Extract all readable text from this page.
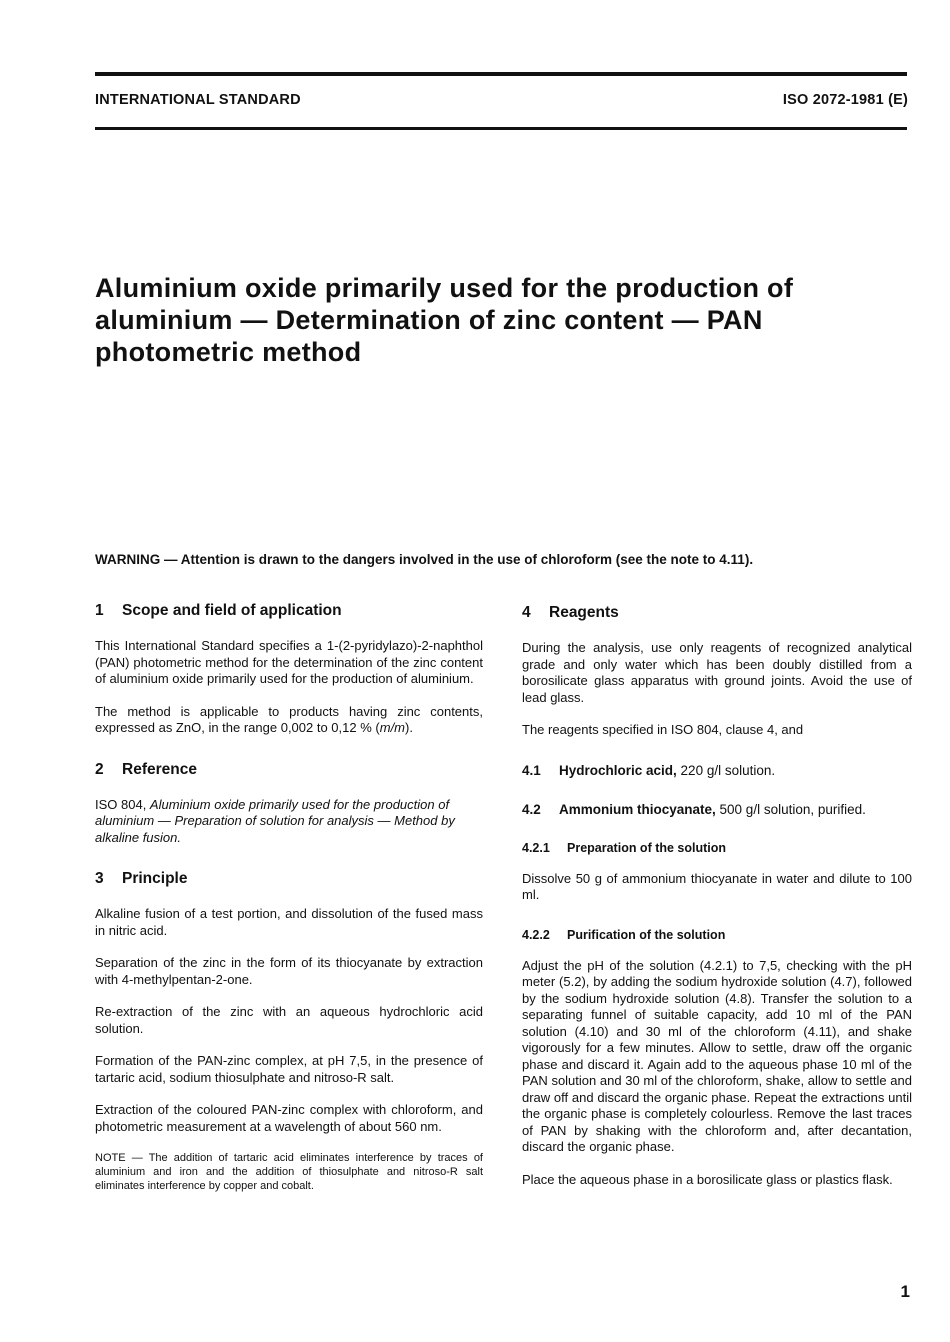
INTERNATIONAL STANDARD	ISO 2072-1981 (E)
Aluminium oxide primarily used for the production of
aluminium — Determination of zinc content — PAN
photometric method
WARNING — Attention is drawn to the dangers involved in the use of chloroform (see the note to 4.11).
1 Scope and field of application

This International Standard specifies a 1-(2-pyridylazo)-2-naphthol (PAN) photometric method for the determination of the zinc content of aluminium oxide primarily used for the production of aluminium.

The method is applicable to products having zinc contents, expressed as ZnO, in the range 0,002 to 0,12 % (m/m).

2 Reference

ISO 804, Aluminium oxide primarily used for the production of aluminium — Preparation of solution for analysis — Method by alkaline fusion.

3 Principle

Alkaline fusion of a test portion, and dissolution of the fused mass in nitric acid.

Separation of the zinc in the form of its thiocyanate by extraction with 4-methylpentan-2-one.

Re-extraction of the zinc with an aqueous hydrochloric acid solution.

Formation of the PAN-zinc complex, at pH 7,5, in the presence of tartaric acid, sodium thiosulphate and nitroso-R salt.

Extraction of the coloured PAN-zinc complex with chloroform, and photometric measurement at a wavelength of about 560 nm.

NOTE — The addition of tartaric acid eliminates interference by traces of aluminium and iron and the addition of thiosulphate and nitroso-R salt eliminates interference by copper and cobalt.

4 Reagents

During the analysis, use only reagents of recognized analytical grade and only water which has been doubly distilled from a borosilicate glass apparatus with ground joints. Avoid the use of lead glass.

The reagents specified in ISO 804, clause 4, and

4.1 Hydrochloric acid, 220 g/l solution.
4.2 Ammonium thiocyanate, 500 g/l solution, purified.
4.2.1 Preparation of the solution

Dissolve 50 g of ammonium thiocyanate in water and dilute to 100 ml.

4.2.2 Purification of the solution

Adjust the pH of the solution (4.2.1) to 7,5, checking with the pH meter (5.2), by adding the sodium hydroxide solution (4.7), followed by the sodium hydroxide solution (4.8). Transfer the solution to a separating funnel of suitable capacity, add 10 ml of the PAN solution (4.10) and 30 ml of the chloroform (4.11), and shake vigorously for a few minutes. Allow to settle, draw off the organic phase and discard it. Again add to the aqueous phase 10 ml of the PAN solution and 30 ml of the chloroform, shake, allow to settle and draw off and discard the organic phase. Repeat the extractions until the organic phase is completely colourless. Remove the last traces of PAN by shaking with the chloroform and, after decantation, discard the organic phase.

Place the aqueous phase in a borosilicate glass or plastics flask.

1
